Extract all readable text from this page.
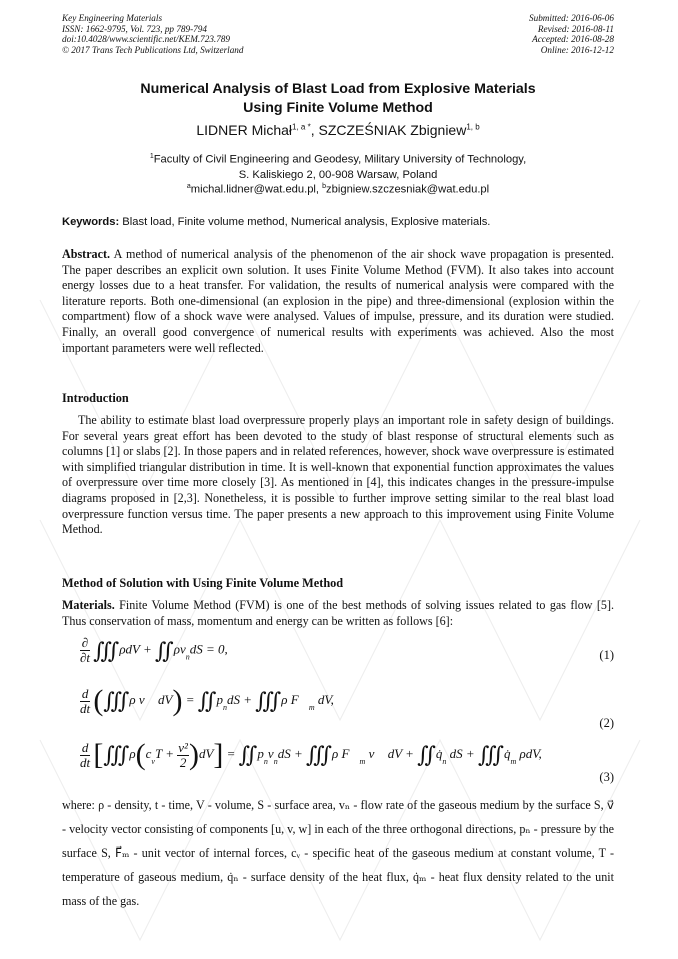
Key Engineering Materials
ISSN: 1662-9795, Vol. 723, pp 789-794
doi:10.4028/www.scientific.net/KEM.723.789
© 2017 Trans Tech Publications Ltd, Switzerland
Submitted: 2016-06-06
Revised: 2016-08-11
Accepted: 2016-08-28
Online: 2016-12-12
Numerical Analysis of Blast Load from Explosive Materials
Using Finite Volume Method
LIDNER Michał$^{1, a *}$, SZCZEŚNIAK Zbigniew$^{1, b}$
$^1$Faculty of Civil Engineering and Geodesy, Military University of Technology,
S. Kaliskiego 2, 00-908 Warsaw, Poland
$^a$michal.lidner@wat.edu.pl, $^b$zbigniew.szczesniak@wat.edu.pl
Keywords: Blast load, Finite volume method, Numerical analysis, Explosive materials.
Abstract. A method of numerical analysis of the phenomenon of the air shock wave propagation is presented. The paper describes an explicit own solution. It uses Finite Volume Method (FVM). It also takes into account energy losses due to a heat transfer. For validation, the results of numerical analysis were compared with the literature reports. Both one-dimensional (an explosion in the pipe) and three-dimensional (explosion within the compartment) flow of a shock wave were analysed. Values of impulse, pressure, and its duration were studied. Finally, an overall good convergence of numerical results with experiments was achieved. Also the most important parameters were well reflected.
Introduction
The ability to estimate blast load overpressure properly plays an important role in safety design of buildings. For several years great effort has been devoted to the study of blast response of structural elements such as columns [1] or slabs [2]. In those papers and in related references, however, shock wave overpressure is estimated with simplified triangular distribution in time. It is well-known that exponential function approximates the values of overpressure over time more closely [3]. As mentioned in [4], this indicates changes in the pressure-impulse diagrams proposed in [2,3]. Nonetheless, it is possible to further improve setting similar to the real blast load overpressure function versus time. The paper presents a new approach to this improvement using Finite Volume Method.
Method of Solution with Using Finite Volume Method
Materials. Finite Volume Method (FVM) is one of the best methods of solving issues related to gas flow [5]. Thus conservation of mass, momentum and energy can be written as follows [6]:
$\frac{\partial}{\partial t}$ ∭ ρdV + ∬ $\rho v_ndS = 0$,	(1)
$\frac{d}{dt}$ (∭ ρ v⃗ dV) = ∬ $p_ndS$ + ∭ ρ $F⃗_m$ dV,
(2)
$\frac{d}{dt}$ [∭ $\rho(c_vT + \frac{\text{v²}}{2} )dV$] = ∬ $p_nv_ndS$ + ∭ ρ $F⃗_m$ v⃗ dV + ∬ $q̇_n$ dS + ∭ $q̇_m$ ρdV,
(3)
where: ρ - density, t - time, V - volume, S - surface area, vₙ - flow rate of the gaseous medium by the surface S, v⃗ - velocity vector consisting of components [u, v, w] in each of the three orthogonal directions, pₙ - pressure by the surface S, F⃗ₘ - unit vector of internal forces, cᵥ - specific heat of the gaseous medium at constant volume, T - temperature of gaseous medium, q̇ₙ - surface density of the heat flux, q̇ₘ - heat flux density related to the unit mass of the gas.
